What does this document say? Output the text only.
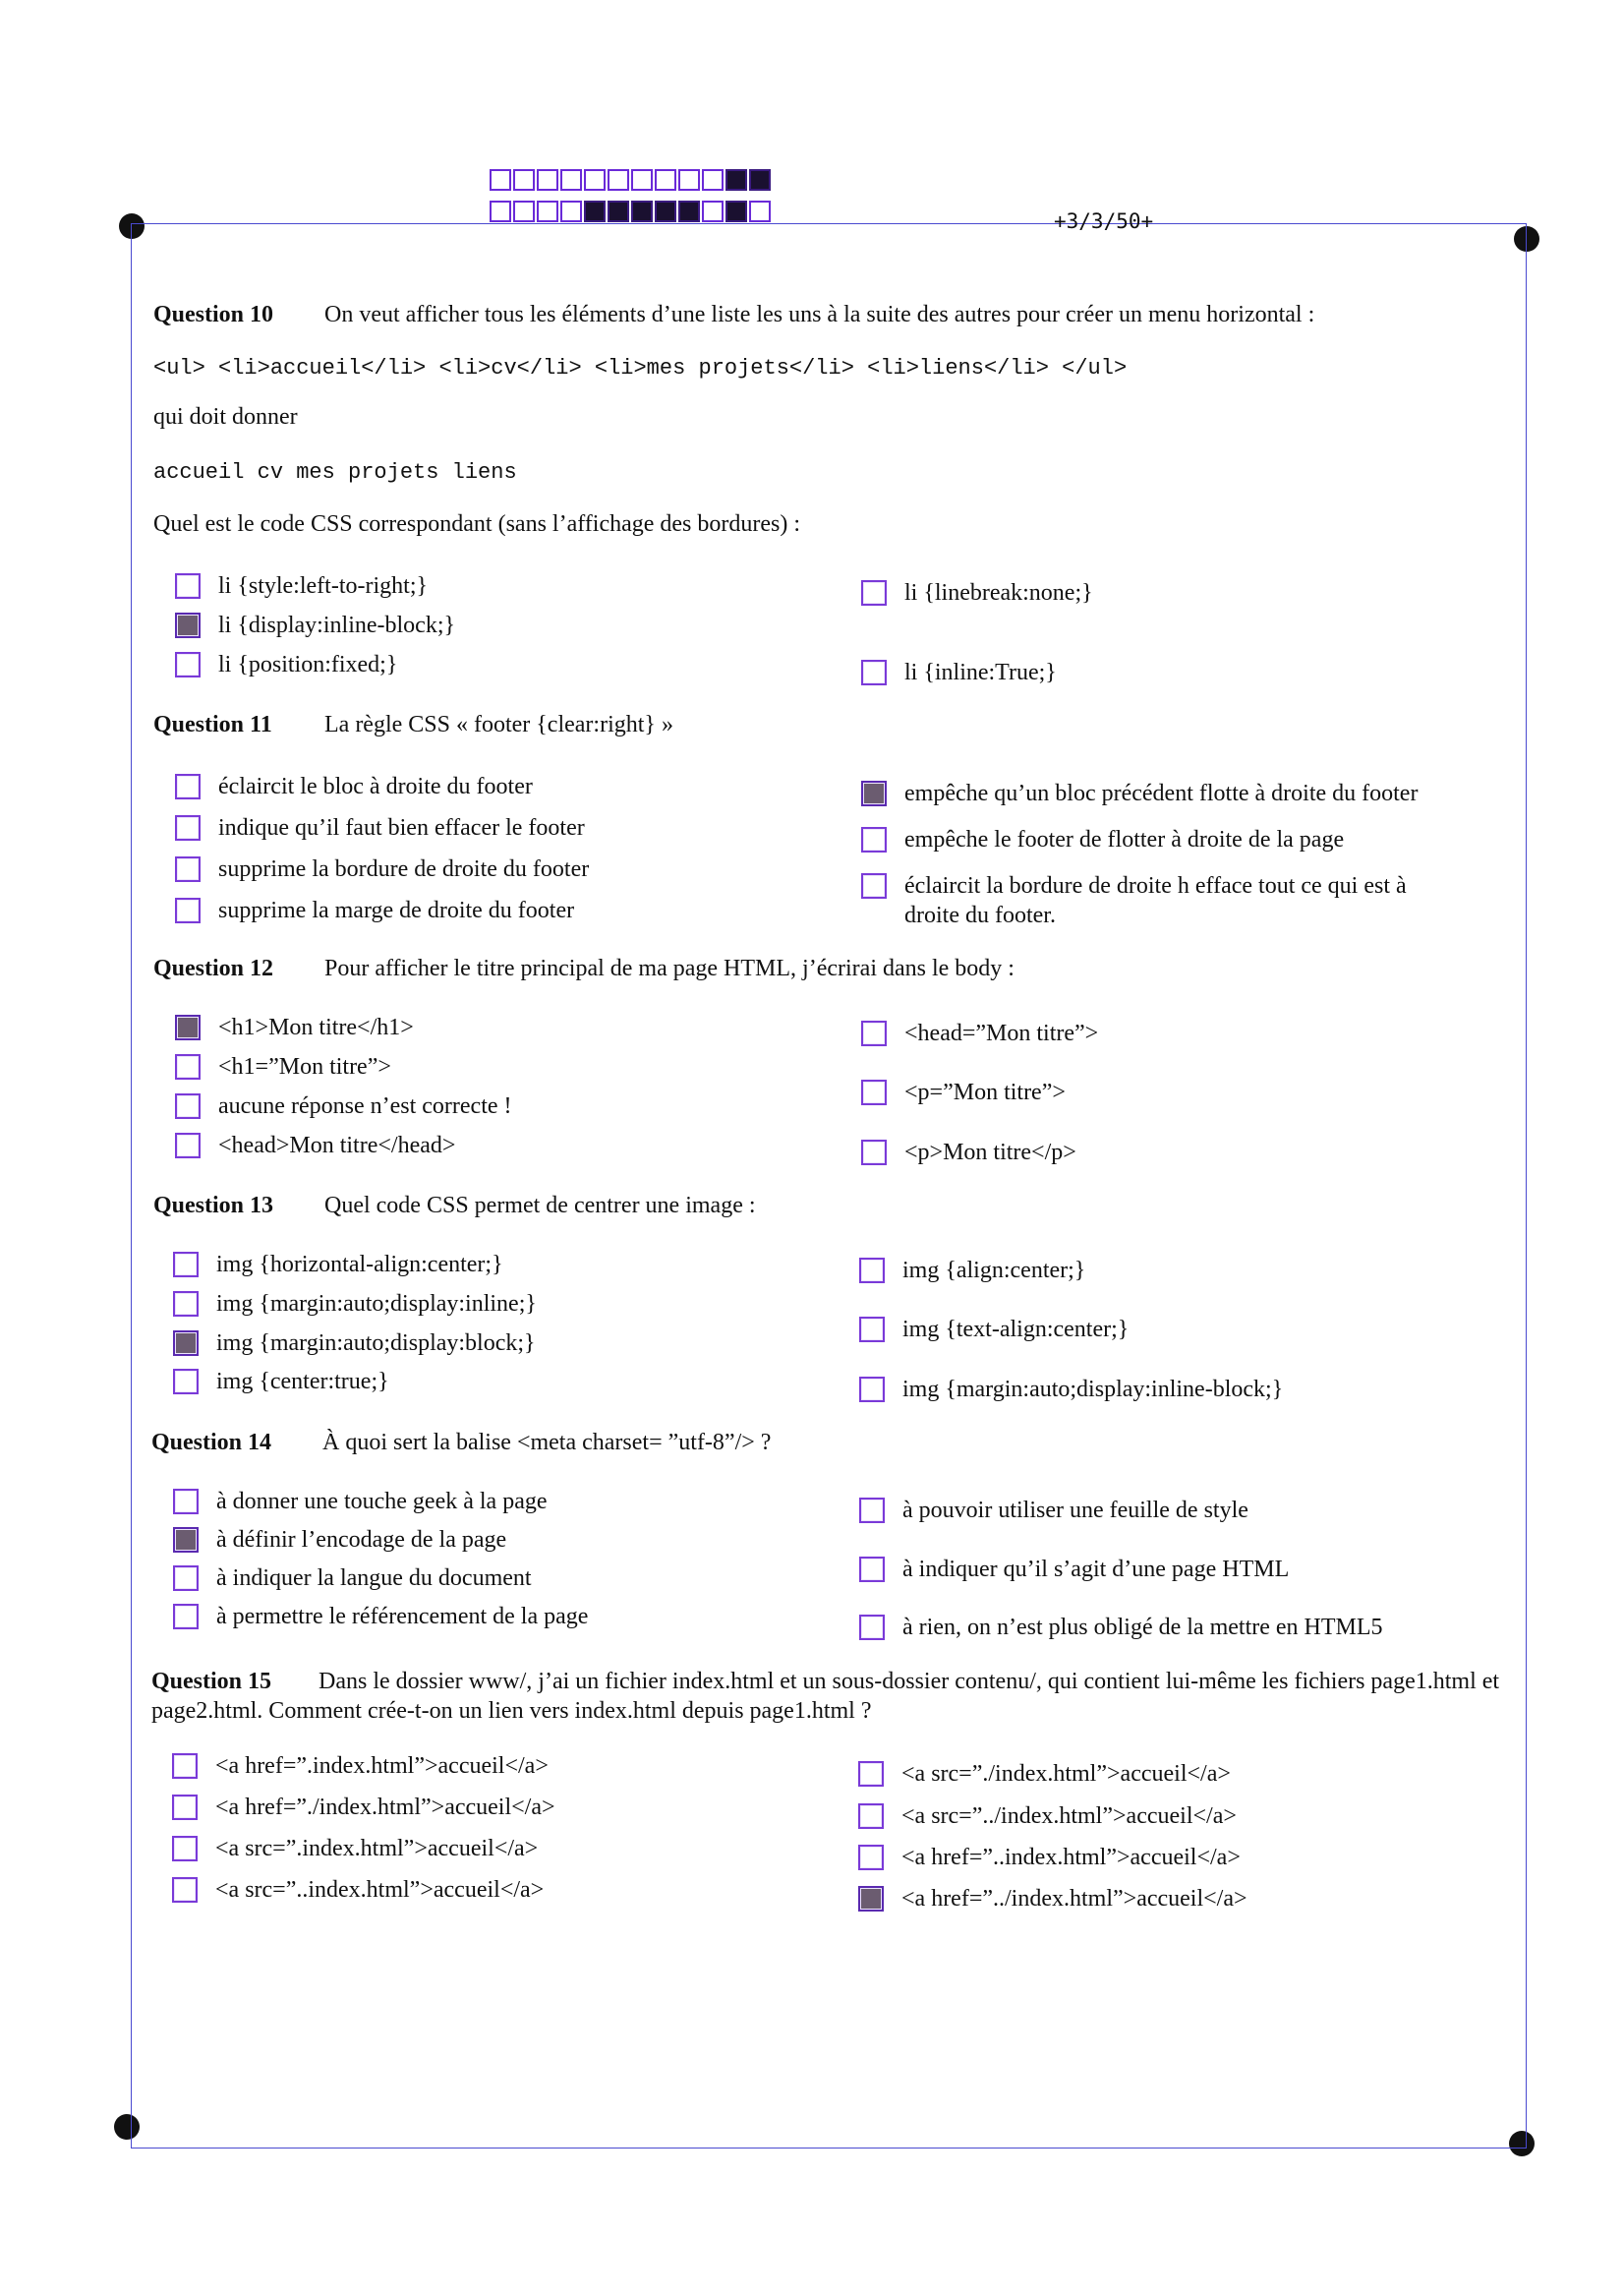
+3/3/50+
Question 10 On veut afficher tous les éléments d’une liste les uns à la suite des autres pour créer un menu horizontal :
<ul> <li>accueil</li> <li>cv</li> <li>mes projets</li> <li>liens</li> </ul>
qui doit donner
accueil cv mes projets liens
Quel est le code CSS correspondant (sans l’affichage des bordures) :
li {style:left-to-right;}
li {display:inline-block;}
li {position:fixed;}
li {linebreak:none;}
li {inline:True;}
Question 11 La règle CSS « footer {clear:right} »
éclaircit le bloc à droite du footer
indique qu’il faut bien effacer le footer
supprime la bordure de droite du footer
supprime la marge de droite du footer
empêche qu’un bloc précédent flotte à droite du footer
empêche le footer de flotter à droite de la page
éclaircit la bordure de droite h efface tout ce qui est à
droite du footer.
Question 12 Pour afficher le titre principal de ma page HTML, j’écrirai dans le body :
<h1>Mon titre</h1>
<h1=”Mon titre”>
aucune réponse n’est correcte !
<head>Mon titre</head>
<head=”Mon titre”>
<p=”Mon titre”>
<p>Mon titre</p>
Question 13 Quel code CSS permet de centrer une image :
img {horizontal-align:center;}
img {margin:auto;display:inline;}
img {margin:auto;display:block;}
img {center:true;}
img {align:center;}
img {text-align:center;}
img {margin:auto;display:inline-block;}
Question 14 À quoi sert la balise <meta charset= ”utf-8”/> ?
à donner une touche geek à la page
à définir l’encodage de la page
à indiquer la langue du document
à permettre le référencement de la page
à pouvoir utiliser une feuille de style
à indiquer qu’il s’agit d’une page HTML
à rien, on n’est plus obligé de la mettre en HTML5
Question 15 Dans le dossier www/, j’ai un fichier index.html et un sous-dossier contenu/, qui contient lui-même les fichiers page1.html et page2.html. Comment crée-t-on un lien vers index.html depuis page1.html ?
<a href=”.index.html”>accueil</a>
<a href=”./index.html”>accueil</a>
<a src=”.index.html”>accueil</a>
<a src=”..index.html”>accueil</a>
<a src=”./index.html”>accueil</a>
<a src=”../index.html”>accueil</a>
<a href=”..index.html”>accueil</a>
<a href=”../index.html”>accueil</a>
